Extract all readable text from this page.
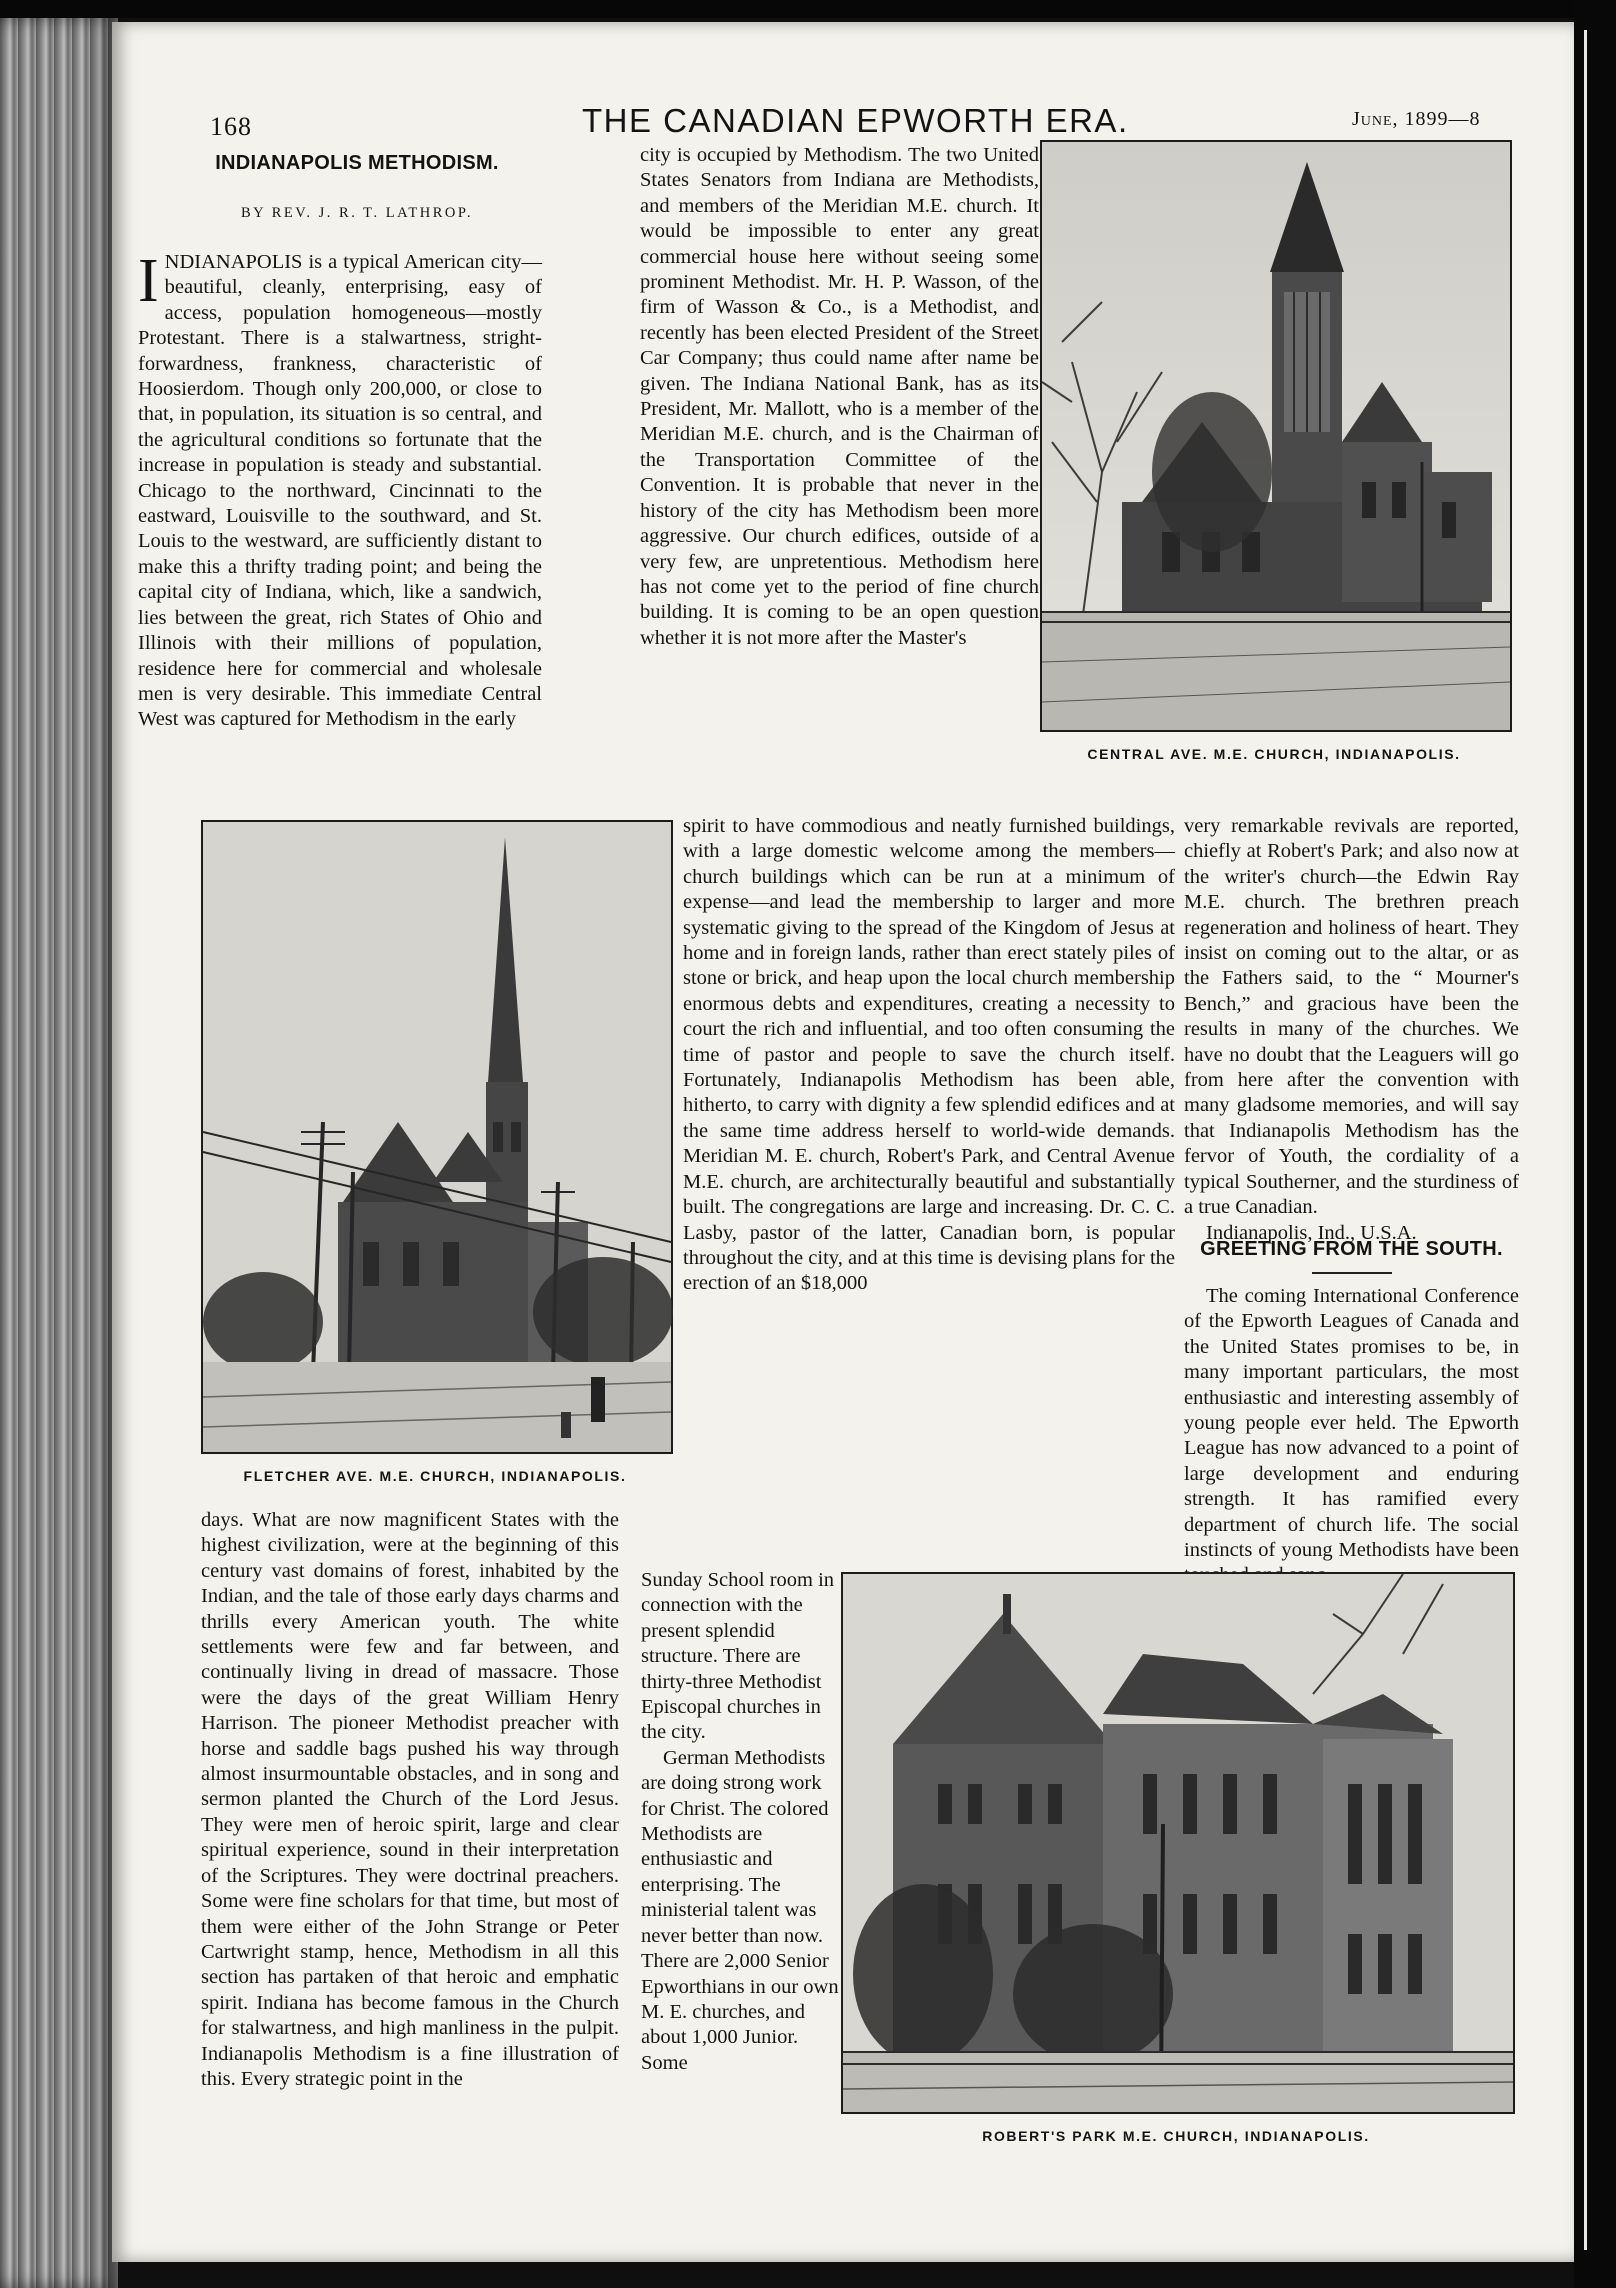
168	THE CANADIAN EPWORTH ERA.	June, 1899—8
INDIANAPOLIS METHODISM.
BY REV. J. R. T. LATHROP.
I NDIANAPOLIS is a typical American city—beautiful, cleanly, enterprising, easy of access, population homogeneous—mostly Protestant. There is a stalwartness, stright-forwardness, frankness, characteristic of Hoosierdom. Though only 200,000, or close to that, in population, its situation is so central, and the agricultural conditions so fortunate that the increase in population is steady and substantial. Chicago to the northward, Cincinnati to the eastward, Louisville to the southward, and St. Louis to the westward, are sufficiently distant to make this a thrifty trading point; and being the capital city of Indiana, which, like a sandwich, lies between the great, rich States of Ohio and Illinois with their millions of population, residence here for commercial and wholesale men is very desirable. This immediate Central West was captured for Methodism in the early

city is occupied by Methodism. The two United States Senators from Indiana are Methodists, and members of the Meridian M.E. church. It would be impossible to enter any great commercial house here without seeing some prominent Methodist. Mr. H. P. Wasson, of the firm of Wasson & Co., is a Methodist, and recently has been elected President of the Street Car Company; thus could name after name be given. The Indiana National Bank, has as its President, Mr. Mallott, who is a member of the Meridian M.E. church, and is the Chairman of the Transportation Committee of the Convention. It is probable that never in the history of the city has Methodism been more aggressive. Our church edifices, outside of a very few, are unpretentious. Methodism here has not come yet to the period of fine church building. It is coming to be an open question whether it is not more after the Master's

CENTRAL AVE. M.E. CHURCH, INDIANAPOLIS.
FLETCHER AVE. M.E. CHURCH, INDIANAPOLIS.

spirit to have commodious and neatly furnished buildings, with a large domestic welcome among the members—church buildings which can be run at a minimum of expense—and lead the membership to larger and more systematic giving to the spread of the Kingdom of Jesus at home and in foreign lands, rather than erect stately piles of stone or brick, and heap upon the local church membership enormous debts and expenditures, creating a necessity to court the rich and influential, and too often consuming the time of pastor and people to save the church itself. Fortunately, Indianapolis Methodism has been able, hitherto, to carry with dignity a few splendid edifices and at the same time address herself to world-wide demands. Meridian M. E. church, Robert's Park, and Central Avenue M.E. church, are architecturally beautiful and substantially built. The congregations are large and increasing. Dr. C. C. Lasby, pastor of the latter, Canadian born, is popular throughout the city, and at this time is devising plans for the erection of an $18,000

very remarkable revivals are reported, chiefly at Robert's Park; and also now at the writer's church—the Edwin Ray M.E. church. The brethren preach regeneration and holiness of heart. They insist on coming out to the altar, or as the Fathers said, to the “ Mourner's Bench,” and gracious have been the results in many of the churches. We have no doubt that the Leaguers will go from here after the convention with many gladsome memories, and will say that Indianapolis Methodism has the fervor of Youth, the cordiality of a typical Southerner, and the sturdiness of a true Canadian.

Indianapolis, Ind., U.S.A.

GREETING FROM THE SOUTH.

The coming International Conference of the Epworth Leagues of Canada and the United States promises to be, in many important particulars, the most enthusiastic and interesting assembly of young people ever held. The Epworth League has now advanced to a point of large development and enduring strength. It has ramified every department of church life. The social instincts of young Methodists have been

days. What are now magnificent States with the highest civilization, were at the beginning of this century vast domains of forest, inhabited by the Indian, and the tale of those early days charms and thrills every American youth. The white settlements were few and far between, and continually living in dread of massacre. Those were the days of the great William Henry Harrison. The pioneer Methodist preacher with horse and saddle bags pushed his way through almost insurmountable obstacles, and in song and sermon planted the Church of the Lord Jesus. They were men of heroic spirit, large and clear spiritual experience, sound in their interpretation of the Scriptures. They were doctrinal preachers. Some were fine scholars for that time, but most of them were either of the John Strange or Peter Cartwright stamp, hence, Methodism in all this section has partaken of that heroic and emphatic spirit. Indiana has become famous in the Church for stalwartness, and high manliness in the pulpit. Indianapolis Methodism is a fine illustration of this. Every strategic point in the

Sunday School room in connection with the present splendid structure. There are thirty-three Methodist Episcopal churches in the city.

German Methodists are doing strong work for Christ. The colored Methodists are enthusiastic and enterprising. The ministerial talent was never better than now. There are 2,000 Senior Epworthians in our own M. E. churches, and about 1,000 Junior. Some

ROBERT'S PARK M.E. CHURCH, INDIANAPOLIS.
